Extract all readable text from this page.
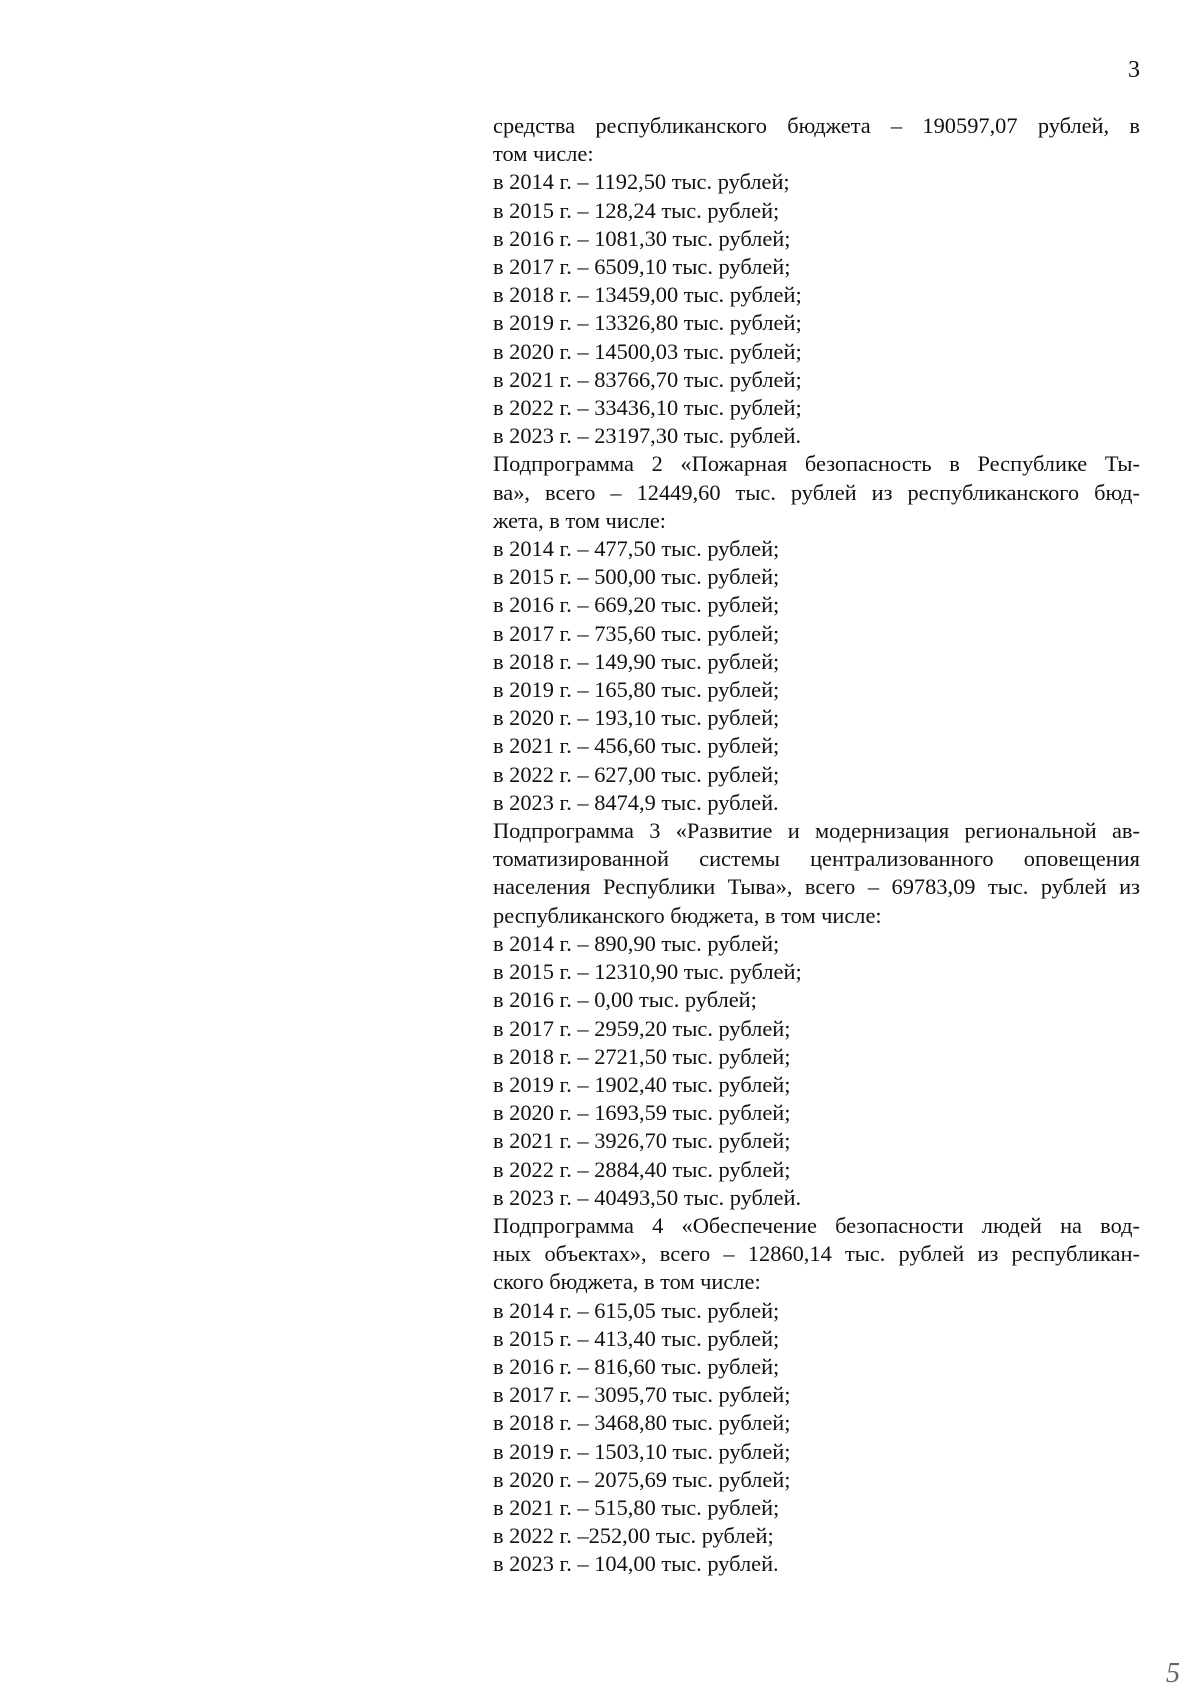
3
средства республиканского бюджета – 190597,07 рублей, в
том числе:
в 2014 г. – 1192,50 тыс. рублей;
в 2015 г. – 128,24 тыс. рублей;
в 2016 г. – 1081,30 тыс. рублей;
в 2017 г. – 6509,10 тыс. рублей;
в 2018 г. – 13459,00 тыс. рублей;
в 2019 г. – 13326,80 тыс. рублей;
в 2020 г. – 14500,03 тыс. рублей;
в 2021 г. – 83766,70 тыс. рублей;
в 2022 г. – 33436,10 тыс. рублей;
в 2023 г. – 23197,30 тыс. рублей.
Подпрограмма 2 «Пожарная безопасность в Республике Ты-
ва», всего – 12449,60 тыс. рублей из республиканского бюд-
жета, в том числе:
в 2014 г. – 477,50 тыс. рублей;
в 2015 г. – 500,00 тыс. рублей;
в 2016 г. – 669,20 тыс. рублей;
в 2017 г. – 735,60 тыс. рублей;
в 2018 г. – 149,90 тыс. рублей;
в 2019 г. – 165,80 тыс. рублей;
в 2020 г. – 193,10 тыс. рублей;
в 2021 г. – 456,60 тыс. рублей;
в 2022 г. – 627,00 тыс. рублей;
в 2023 г. – 8474,9 тыс. рублей.
Подпрограмма 3 «Развитие и модернизация региональной ав-
томатизированной системы централизованного оповещения
населения Республики Тыва», всего – 69783,09 тыс. рублей из
республиканского бюджета, в том числе:
в 2014 г. – 890,90 тыс. рублей;
в 2015 г. – 12310,90 тыс. рублей;
в 2016 г. – 0,00 тыс. рублей;
в 2017 г. – 2959,20 тыс. рублей;
в 2018 г. – 2721,50 тыс. рублей;
в 2019 г. – 1902,40 тыс. рублей;
в 2020 г. – 1693,59 тыс. рублей;
в 2021 г. – 3926,70 тыс. рублей;
в 2022 г. – 2884,40 тыс. рублей;
в 2023 г. – 40493,50 тыс. рублей.
Подпрограмма 4 «Обеспечение безопасности людей на вод-
ных объектах», всего – 12860,14 тыс. рублей из республикан-
ского бюджета, в том числе:
в 2014 г. – 615,05 тыс. рублей;
в 2015 г. – 413,40 тыс. рублей;
в 2016 г. – 816,60 тыс. рублей;
в 2017 г. – 3095,70 тыс. рублей;
в 2018 г. – 3468,80 тыс. рублей;
в 2019 г. – 1503,10 тыс. рублей;
в 2020 г. – 2075,69 тыс. рублей;
в 2021 г. – 515,80 тыс. рублей;
в 2022 г. –252,00 тыс. рублей;
в 2023 г. – 104,00 тыс. рублей.
5
